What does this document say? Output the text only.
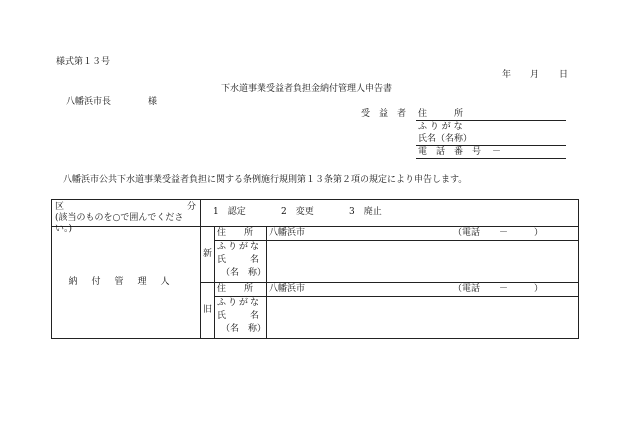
様式第１３号
年 月 日
下水道事業受益者負担金納付管理人申告書
八幡浜市長	様
受　益　者 住　　　所
ふ り が な
氏名（名称）
電　話　番　号 －
八幡浜市公共下水道事業受益者負担に関する条例施行規則第１３条第２項の規定により申告します。
区 分
(該当のものを○で囲んでください。)	1　認定 2　変更 3　廃止		

納付管理人	新	住　　所	八幡浜市 （電話 － ）

		ふりがな
氏　　名
（名　称）	

	旧	住　　所	八幡浜市 （電話 － ）

		ふりがな
氏　　名
（名　称）	
